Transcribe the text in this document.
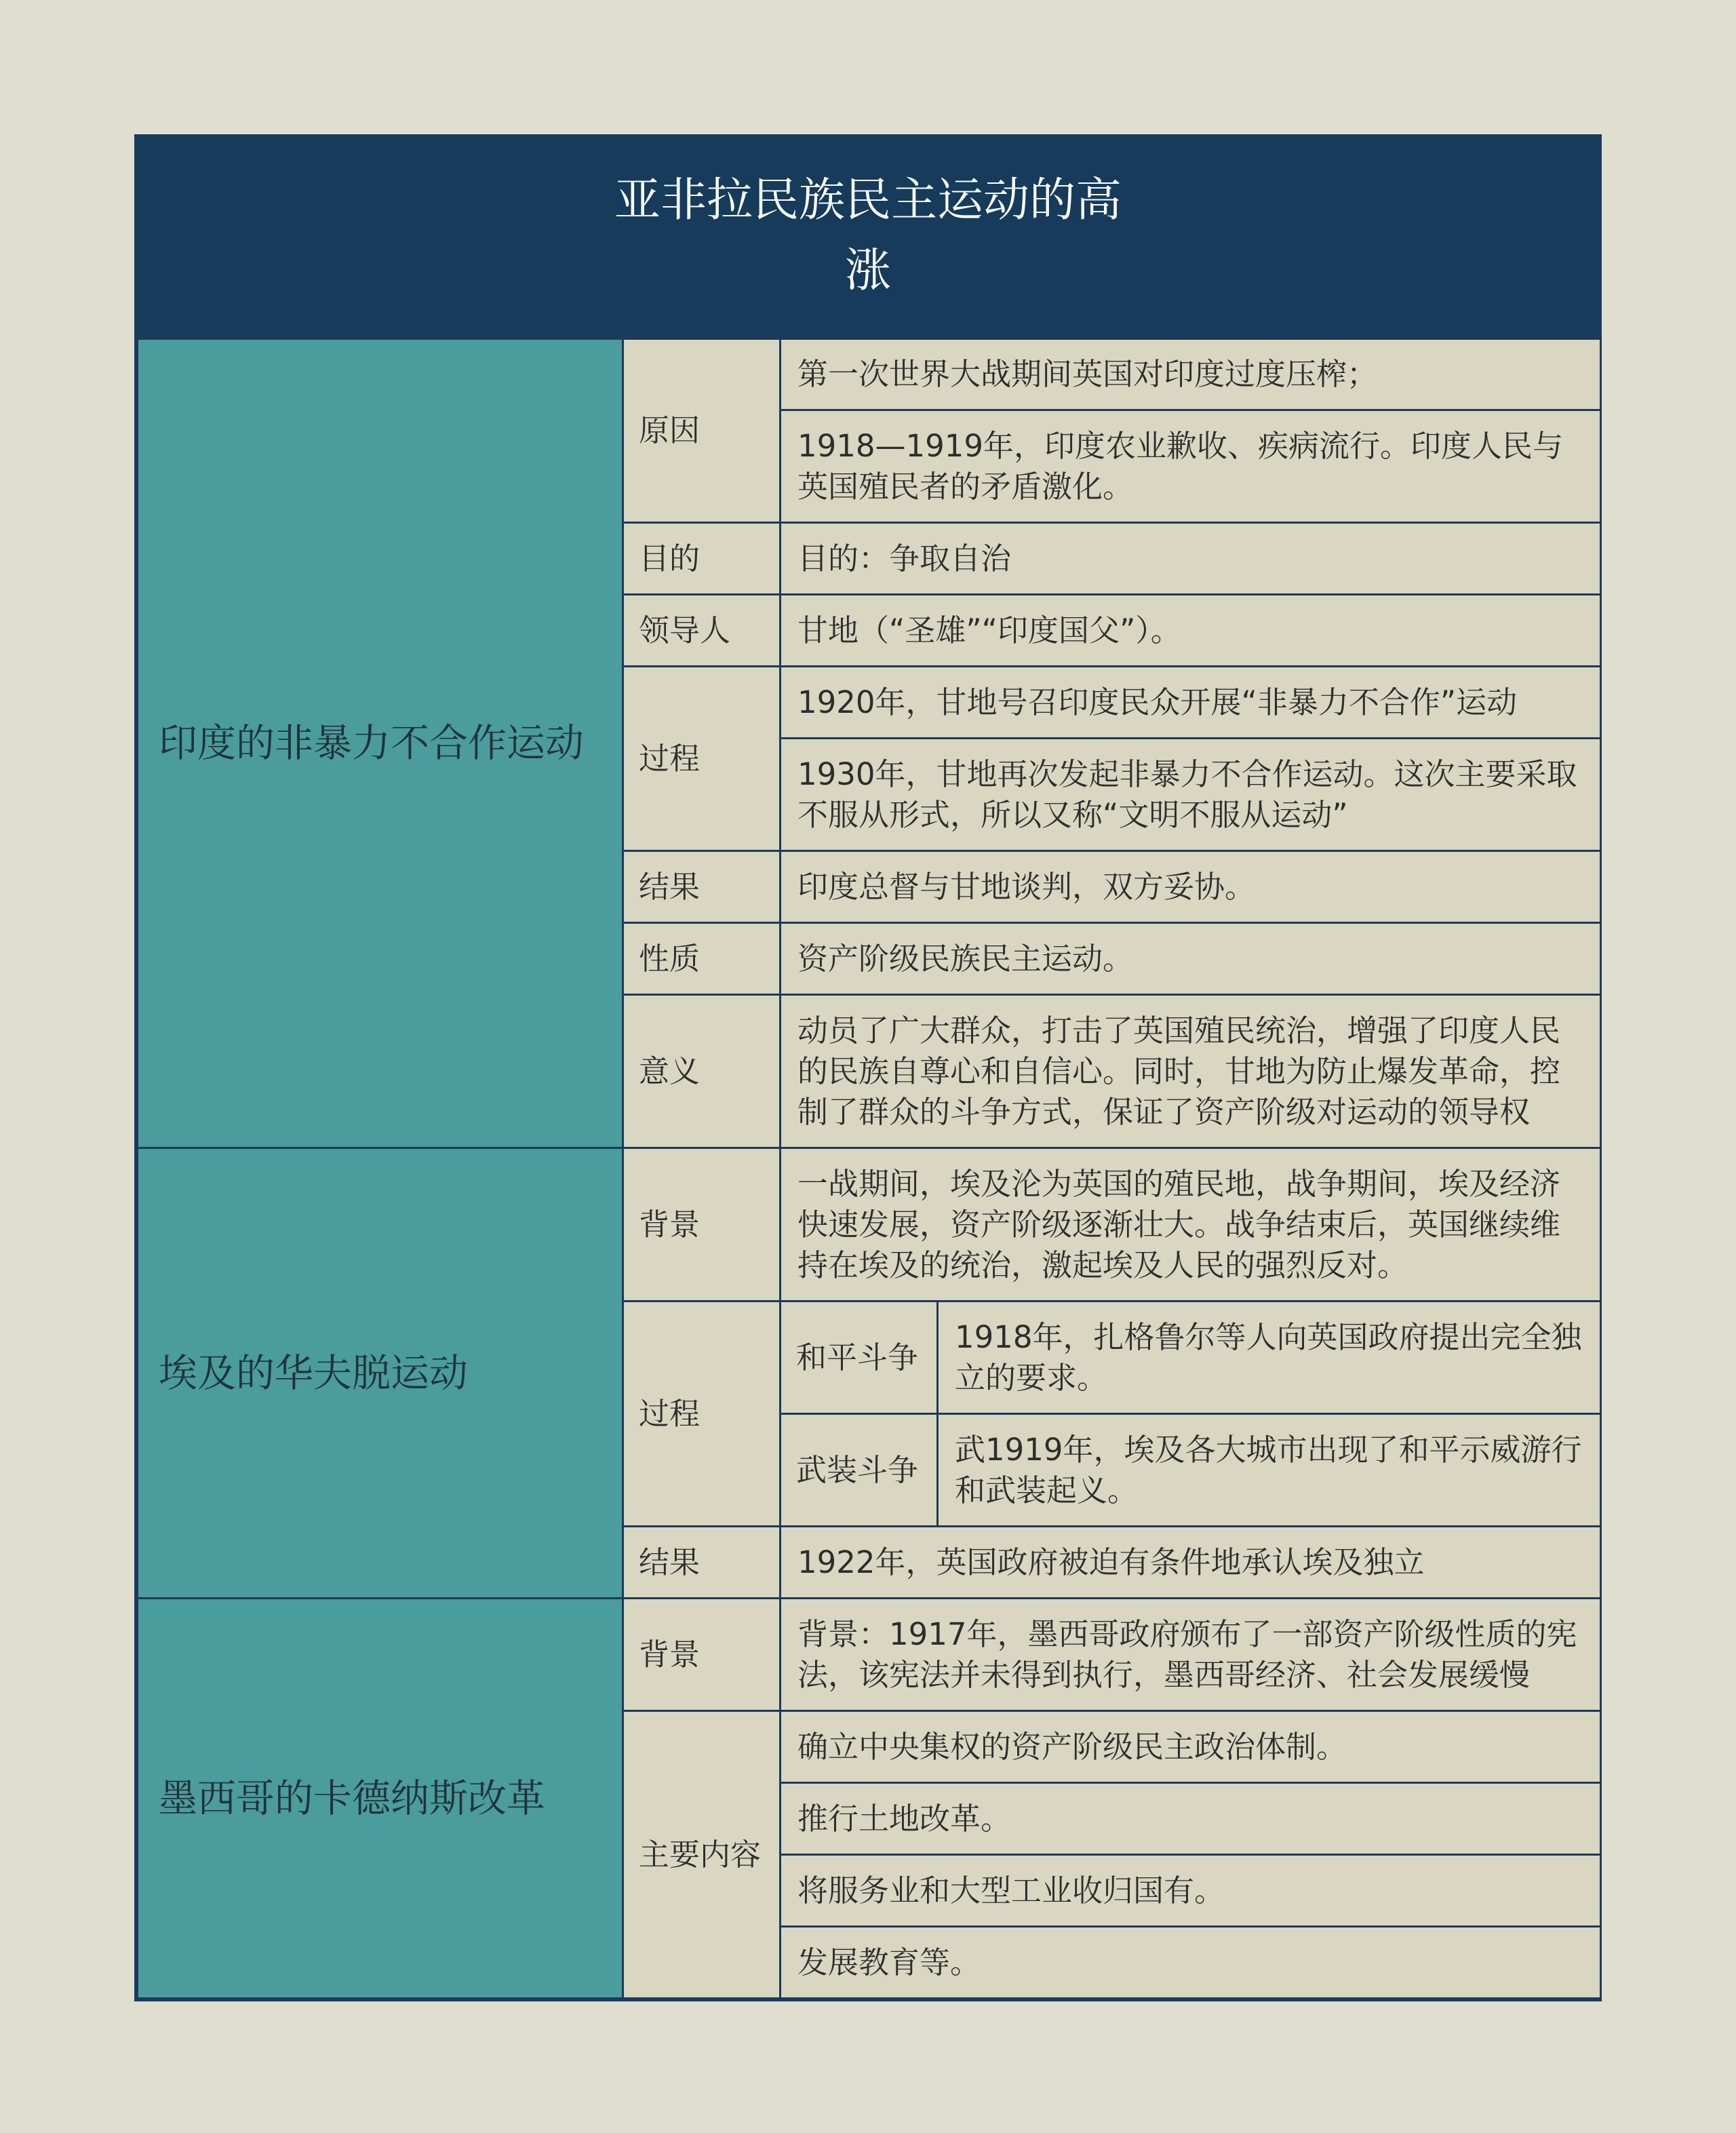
亚非拉民族民主运动的高
涨
印度的非暴力不合作运动	原因	第一次世界大战期间英国对印度过度压榨；	
		1918—1919年，印度农业歉收、疾病流行。印度人民与英国殖民者的矛盾激化。	
	目的	目的：争取自治	
	领导人	甘地（“圣雄”“印度国父”）。	
	过程	1920年，甘地号召印度民众开展“非暴力不合作”运动	
		1930年，甘地再次发起非暴力不合作运动。这次主要采取不服从形式，所以又称“文明不服从运动”	
	结果	印度总督与甘地谈判，双方妥协。	
	性质	资产阶级民族民主运动。	
	意义	动员了广大群众，打击了英国殖民统治，增强了印度人民的民族自尊心和自信心。同时，甘地为防止爆发革命，控制了群众的斗争方式，保证了资产阶级对运动的领导权	

埃及的华夫脱运动	背景	一战期间，埃及沦为英国的殖民地，战争期间，埃及经济快速发展，资产阶级逐渐壮大。战争结束后，英国继续维持在埃及的统治，激起埃及人民的强烈反对。	
	过程	和平斗争	1918年，扎格鲁尔等人向英国政府提出完全独立的要求。
		武装斗争	武1919年，埃及各大城市出现了和平示威游行和武装起义。
	结果	1922年，英国政府被迫有条件地承认埃及独立	
墨西哥的卡德纳斯改革	背景	背景：1917年，墨西哥政府颁布了一部资产阶级性质的宪法，该宪法并未得到执行，墨西哥经济、社会发展缓慢	
	主要内容	确立中央集权的资产阶级民主政治体制。	
		推行土地改革。	
		将服务业和大型工业收归国有。	
		发展教育等。	
